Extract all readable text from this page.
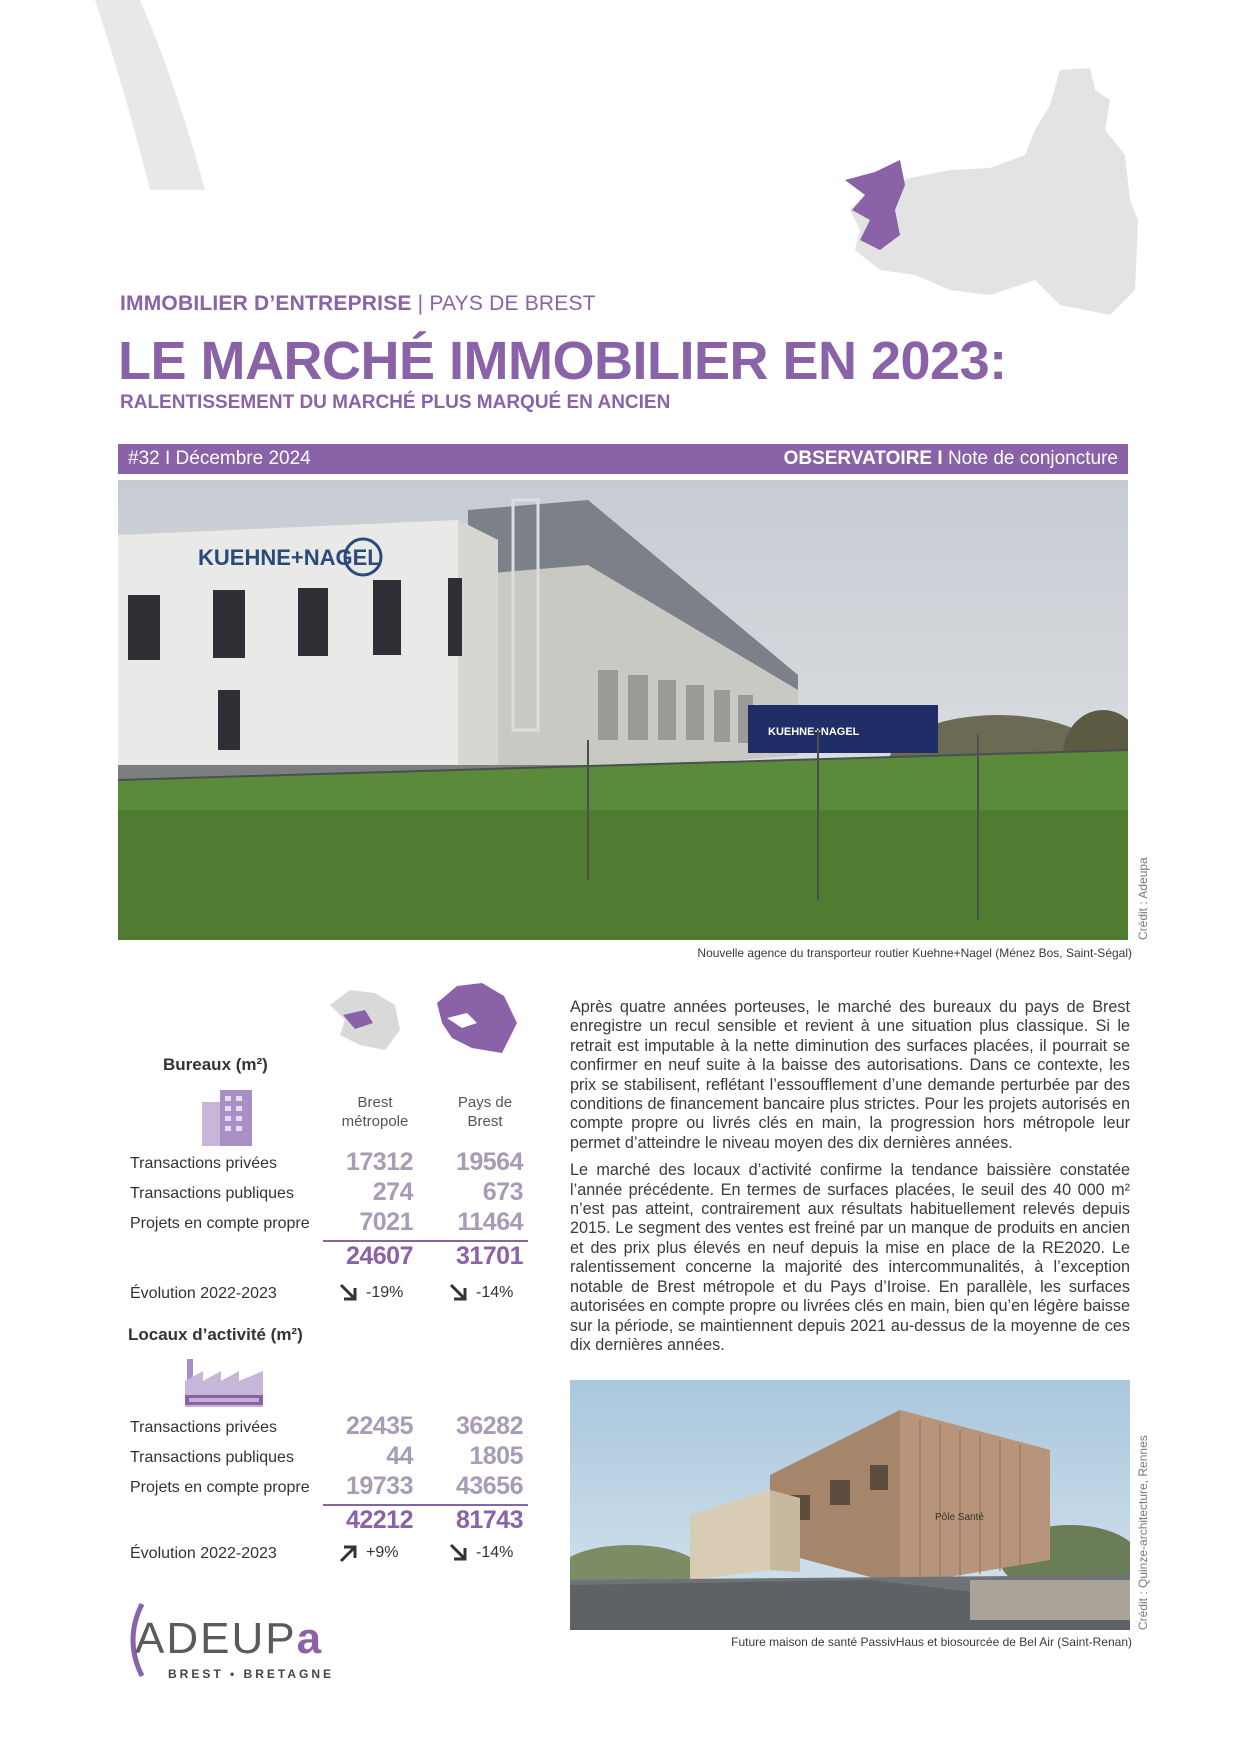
IMMOBILIER D’ENTREPRISE | PAYS DE BREST
LE MARCHÉ IMMOBILIER EN 2023:
RALENTISSEMENT DU MARCHÉ PLUS MARQUÉ EN ANCIEN
#32 I Décembre 2024	OBSERVATOIRE I Note de conjoncture
KUEHNE+NAGEL
KUEHNE+NAGEL
Crédit : Adeupa
Nouvelle agence du transporteur routier Kuehne+Nagel (Ménez Bos, Saint-Ségal)
Brest
métropole
Pays de
Brest
Bureaux (m²)
Transactions privées	17312	19564
Transactions publiques	274	673
Projets en compte propre	7021	11464
24607	31701
Évolution 2022-2023	-19%	-14%
Locaux d’activité (m²)
Transactions privées	22435	36282
Transactions publiques	44	1805
Projets en compte propre	19733	43656
42212	81743
Évolution 2022-2023	+9%	-14%

Après quatre années porteuses, le marché des bureaux du pays de Brest enregistre un recul sensible et revient à une situation plus classique. Si le retrait est imputable à la nette diminution des surfaces placées, il pourrait se confirmer en neuf suite à la baisse des autorisations. Dans ce contexte, les prix se stabilisent, reflétant l’essoufflement d’une demande perturbée par des conditions de financement bancaire plus strictes. Pour les projets autorisés en compte propre ou livrés clés en main, la progression hors métropole leur permet d’atteindre le niveau moyen des dix dernières années.

Le marché des locaux d’activité confirme la tendance baissière constatée l’année précédente. En termes de surfaces placées, le seuil des 40 000 m² n’est pas atteint, contrairement aux résultats habituellement relevés depuis 2015. Le segment des ventes est freiné par un manque de produits en ancien et des prix plus élevés en neuf depuis la mise en place de la RE2020. Le ralentissement concerne la majorité des intercommunalités, à l’exception notable de Brest métropole et du Pays d’Iroise. En parallèle, les surfaces autorisées en compte propre ou livrées clés en main, bien qu’en légère baisse sur la période, se maintiennent depuis 2021 au-dessus de la moyenne de ces dix dernières années.

Pôle Santé	Crédit : Quinze-architecture, Rennes
Future maison de santé PassivHaus et biosourcée de Bel Air (Saint-Renan)
ADEUPa
BREST • BRETAGNE
